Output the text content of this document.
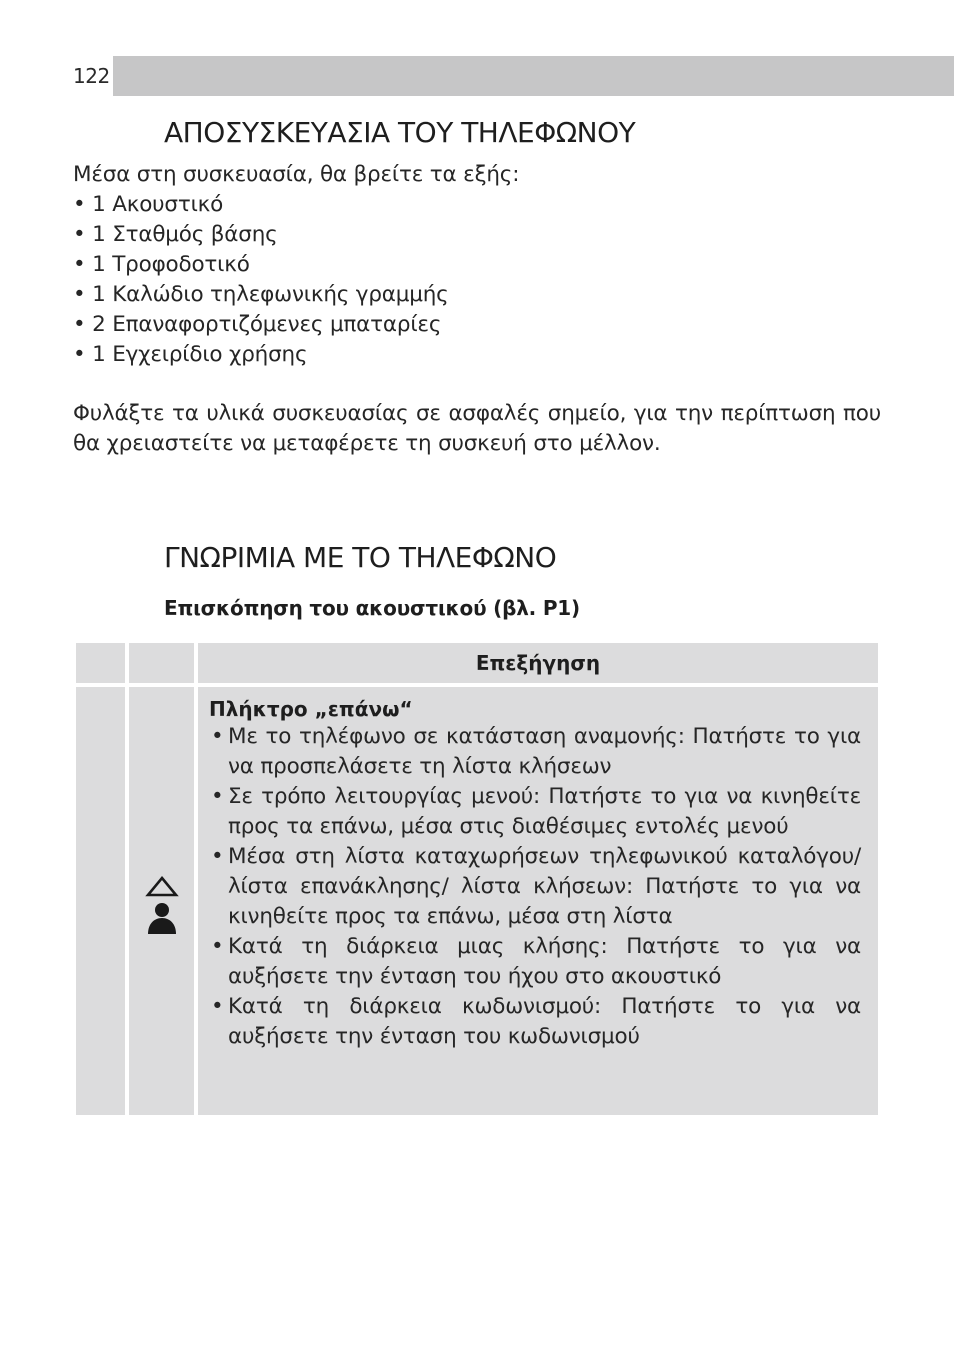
122
ΑΠΟΣΥΣΚΕΥΑΣΙΑ ΤΟΥ ΤΗΛΕΦΩΝΟΥ

Μέσα στη συσκευασία, θα βρείτε τα εξής:

• 1 Ακουστικό
• 1 Σταθμός βάσης
• 1 Τροφοδοτικό
• 1 Καλώδιο τηλεφωνικής γραμμής
• 2 Επαναφορτιζόμενες μπαταρίες
• 1 Εγχειρίδιο χρήσης

Φυλάξτε τα υλικά συσκευασίας σε ασφαλές σημείο, για την περίπτωση που θα χρειαστείτε να μεταφέρετε τη συσκευή στο μέλλον.

ΓΝΩΡΙΜΙΑ ΜΕ ΤΟ ΤΗΛΕΦΩΝΟ
Επισκόπηση του ακουστικού (βλ. P1)
Επεξήγηση
Πλήκτρο „επάνω“
• Με το τηλέφωνο σε κατάσταση αναμονής: Πατήστε το για να προσπελάσετε τη λίστα κλήσεων
• Σε τρόπο λειτουργίας μενού: Πατήστε το για να κινηθείτε προς τα επάνω, μέσα στις διαθέσιμες εντολές μενού
• Μέσα στη λίστα καταχωρήσεων τηλεφωνικού καταλόγου/ λίστα επανάκλησης/ λίστα κλήσεων: Πατήστε το για να κινηθείτε προς τα επάνω, μέσα στη λίστα
• Κατά τη διάρκεια μιας κλήσης: Πατήστε το για να αυξήσετε την ένταση του ήχου στο ακουστικό
• Κατά τη διάρκεια κωδωνισμού: Πατήστε το για να αυξήσετε την ένταση του κωδωνισμού
